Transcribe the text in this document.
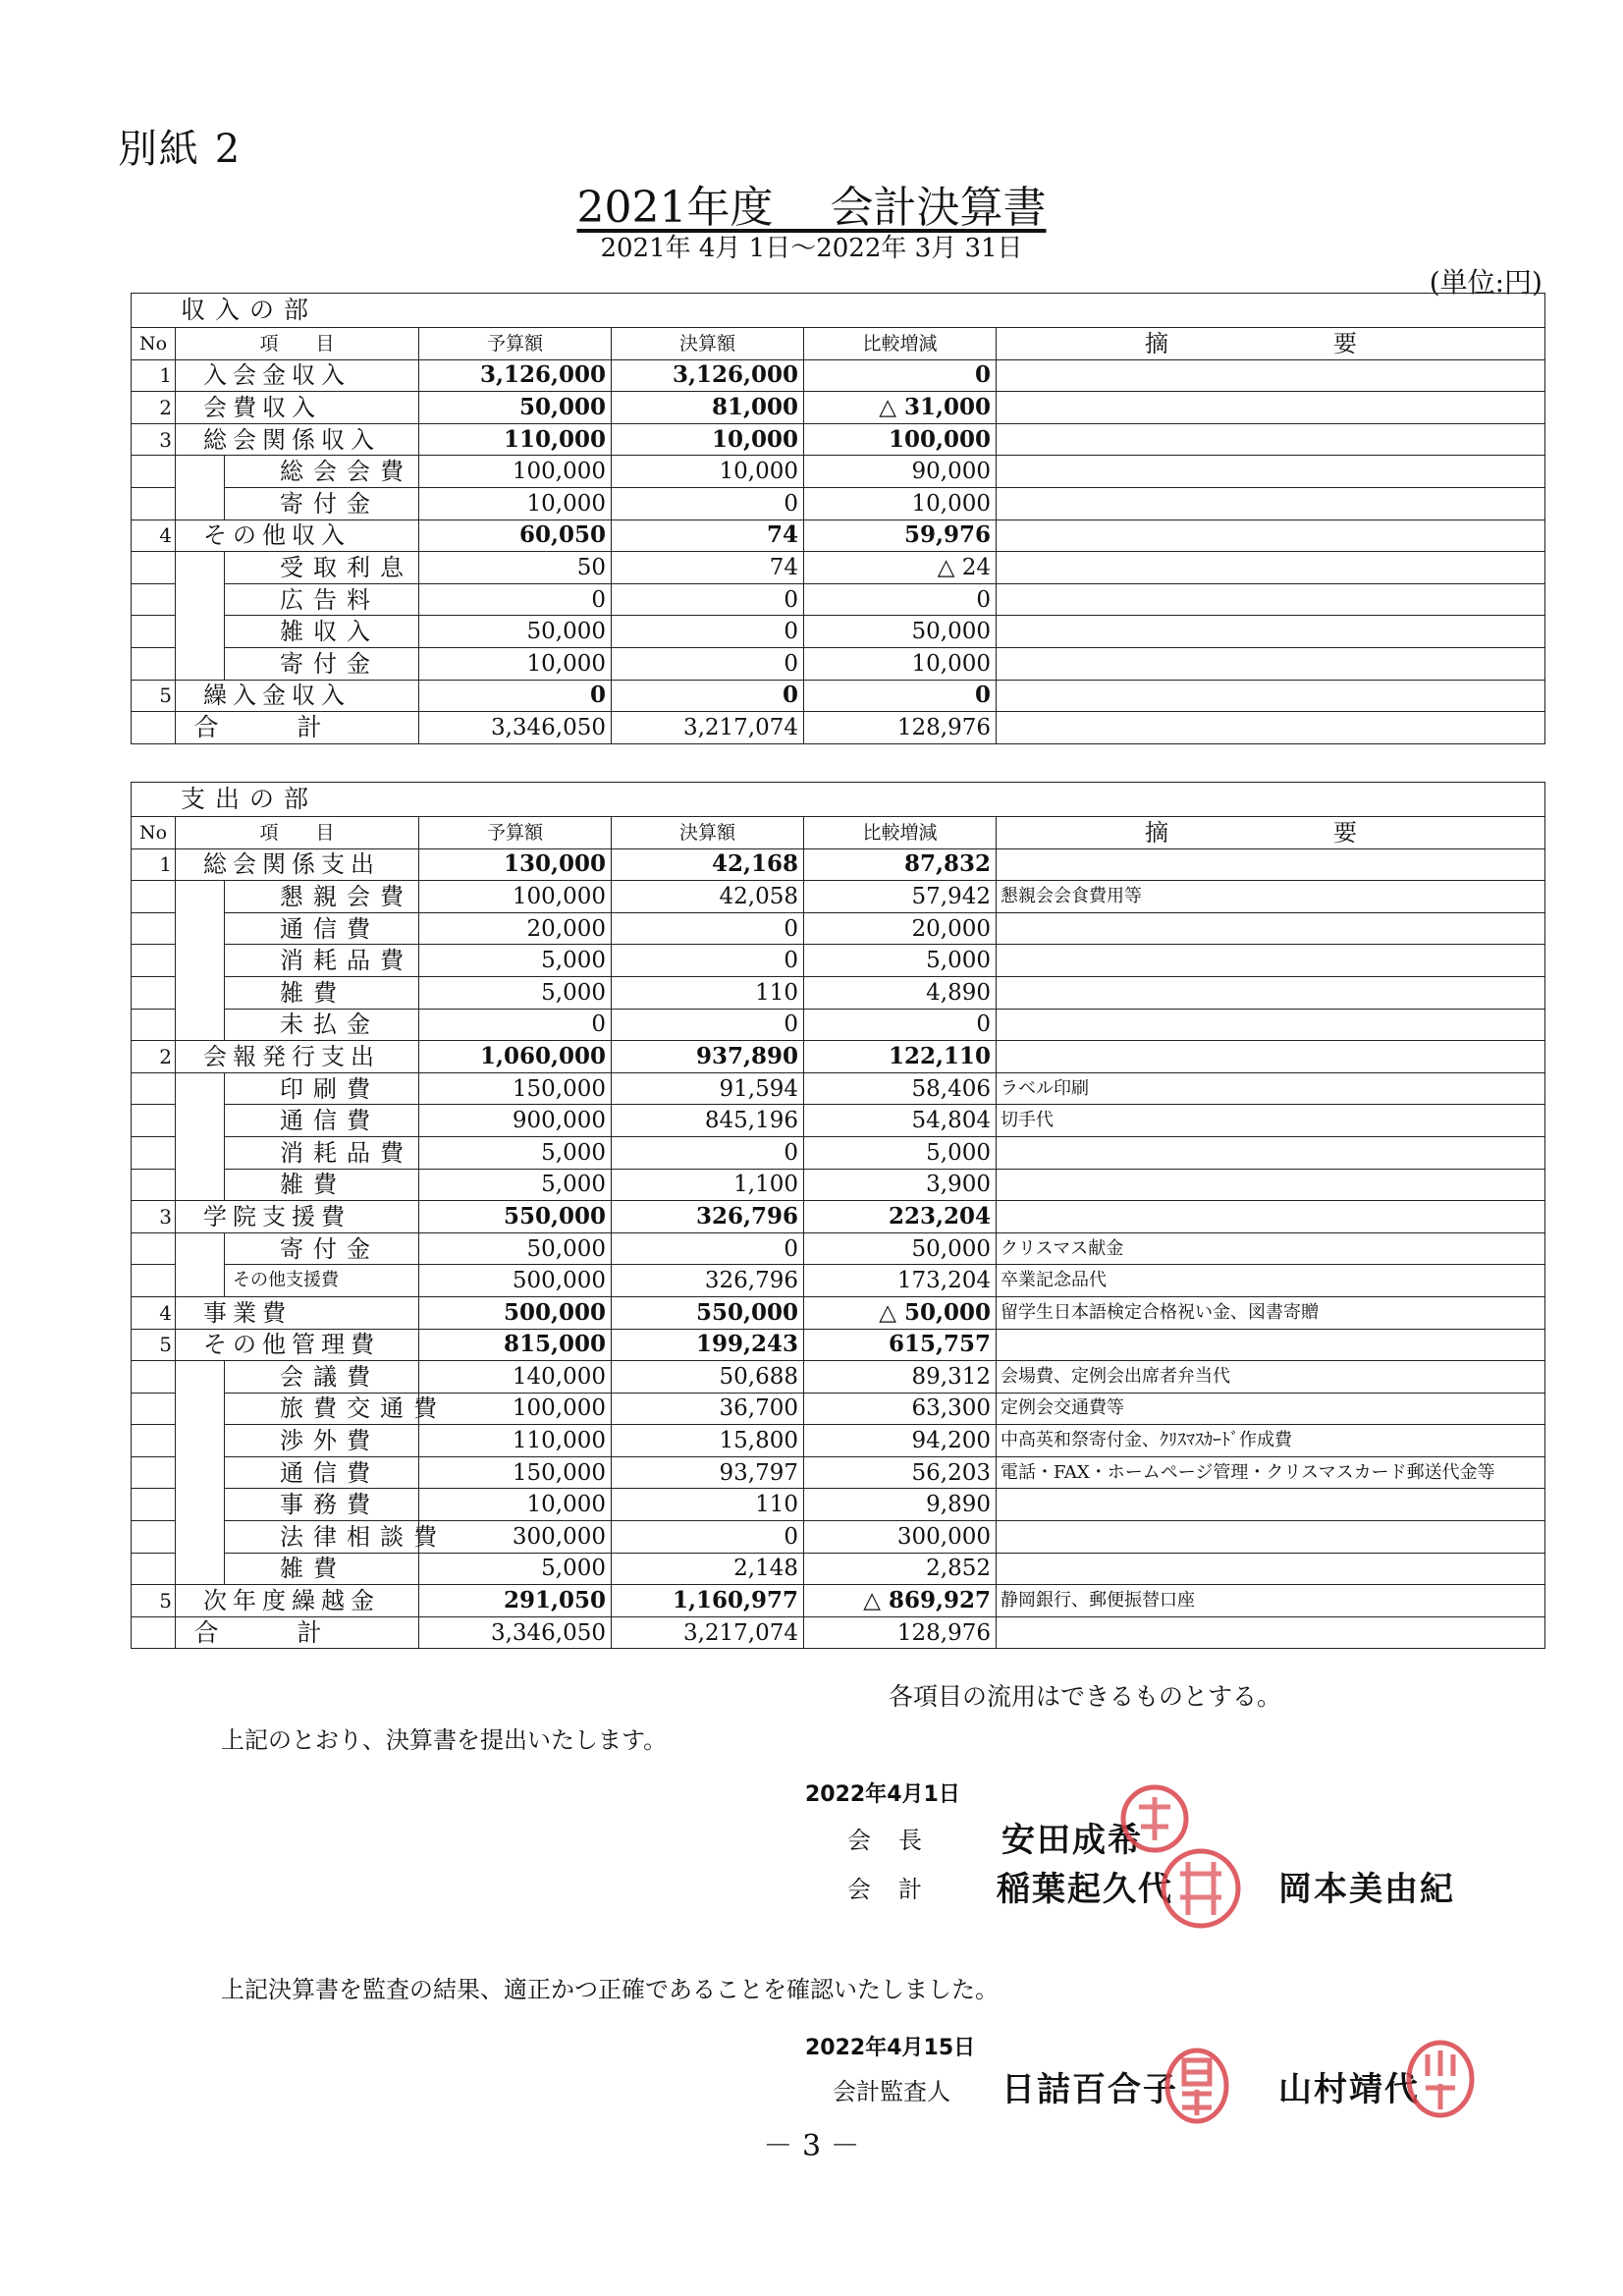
別紙 2
2021年度　 会計決算書
2021年 4月 1日～2022年 3月 31日
(単位:円)
収入の部						
No	項　　目		予算額	決算額	比較増減	摘　　要
1	入会金収入		3,126,000	3,126,000	0	
2	会費収入		50,000	81,000	△ 31,000	
3	総会関係収入		110,000	10,000	100,000	
		総会会費	100,000	10,000	90,000	
		寄付金	10,000	0	10,000	
4	その他収入		60,050	74	59,976	
		受取利息	50	74	△ 24	
		広告料	0	0	0	
		雑収入	50,000	0	50,000	
		寄付金	10,000	0	10,000	
5	繰入金収入		0	0	0	
	合計		3,346,050	3,217,074	128,976	
支出の部						
No	項　　目		予算額	決算額	比較増減	摘　　要
1	総会関係支出		130,000	42,168	87,832	
		懇親会費	100,000	42,058	57,942	懇親会会食費用等
		通信費	20,000	0	20,000	
		消耗品費	5,000	0	5,000	
		雑費	5,000	110	4,890	
		未払金	0	0	0	
2	会報発行支出		1,060,000	937,890	122,110	
		印刷費	150,000	91,594	58,406	ラベル印刷
		通信費	900,000	845,196	54,804	切手代
		消耗品費	5,000	0	5,000	
		雑費	5,000	1,100	3,900	
3	学院支援費		550,000	326,796	223,204	
		寄付金	50,000	0	50,000	クリスマス献金
		その他支援費	500,000	326,796	173,204	卒業記念品代
4	事業費		500,000	550,000	△ 50,000	留学生日本語検定合格祝い金、図書寄贈
5	その他管理費		815,000	199,243	615,757	
		会議費	140,000	50,688	89,312	会場費、定例会出席者弁当代
		旅費交通費	100,000	36,700	63,300	定例会交通費等
		渉外費	110,000	15,800	94,200	中高英和祭寄付金、ｸﾘｽﾏｽｶｰﾄﾞ作成費
		通信費	150,000	93,797	56,203	電話・FAX・ホームページ管理・クリスマスカード郵送代金等
		事務費	10,000	110	9,890	
		法律相談費	300,000	0	300,000	
		雑費	5,000	2,148	2,852	
5	次年度繰越金		291,050	1,160,977	△ 869,927	静岡銀行、郵便振替口座
	合計		3,346,050	3,217,074	128,976	
各項目の流用はできるものとする。
上記のとおり、決算書を提出いたします。
2022年4月1日
会長
会計
安田成希
稲葉起久代	岡本美由紀
上記決算書を監査の結果、適正かつ正確であることを確認いたしました。
2022年4月15日
会計監査人 日詰百合子	山村靖代
－ 3 －
